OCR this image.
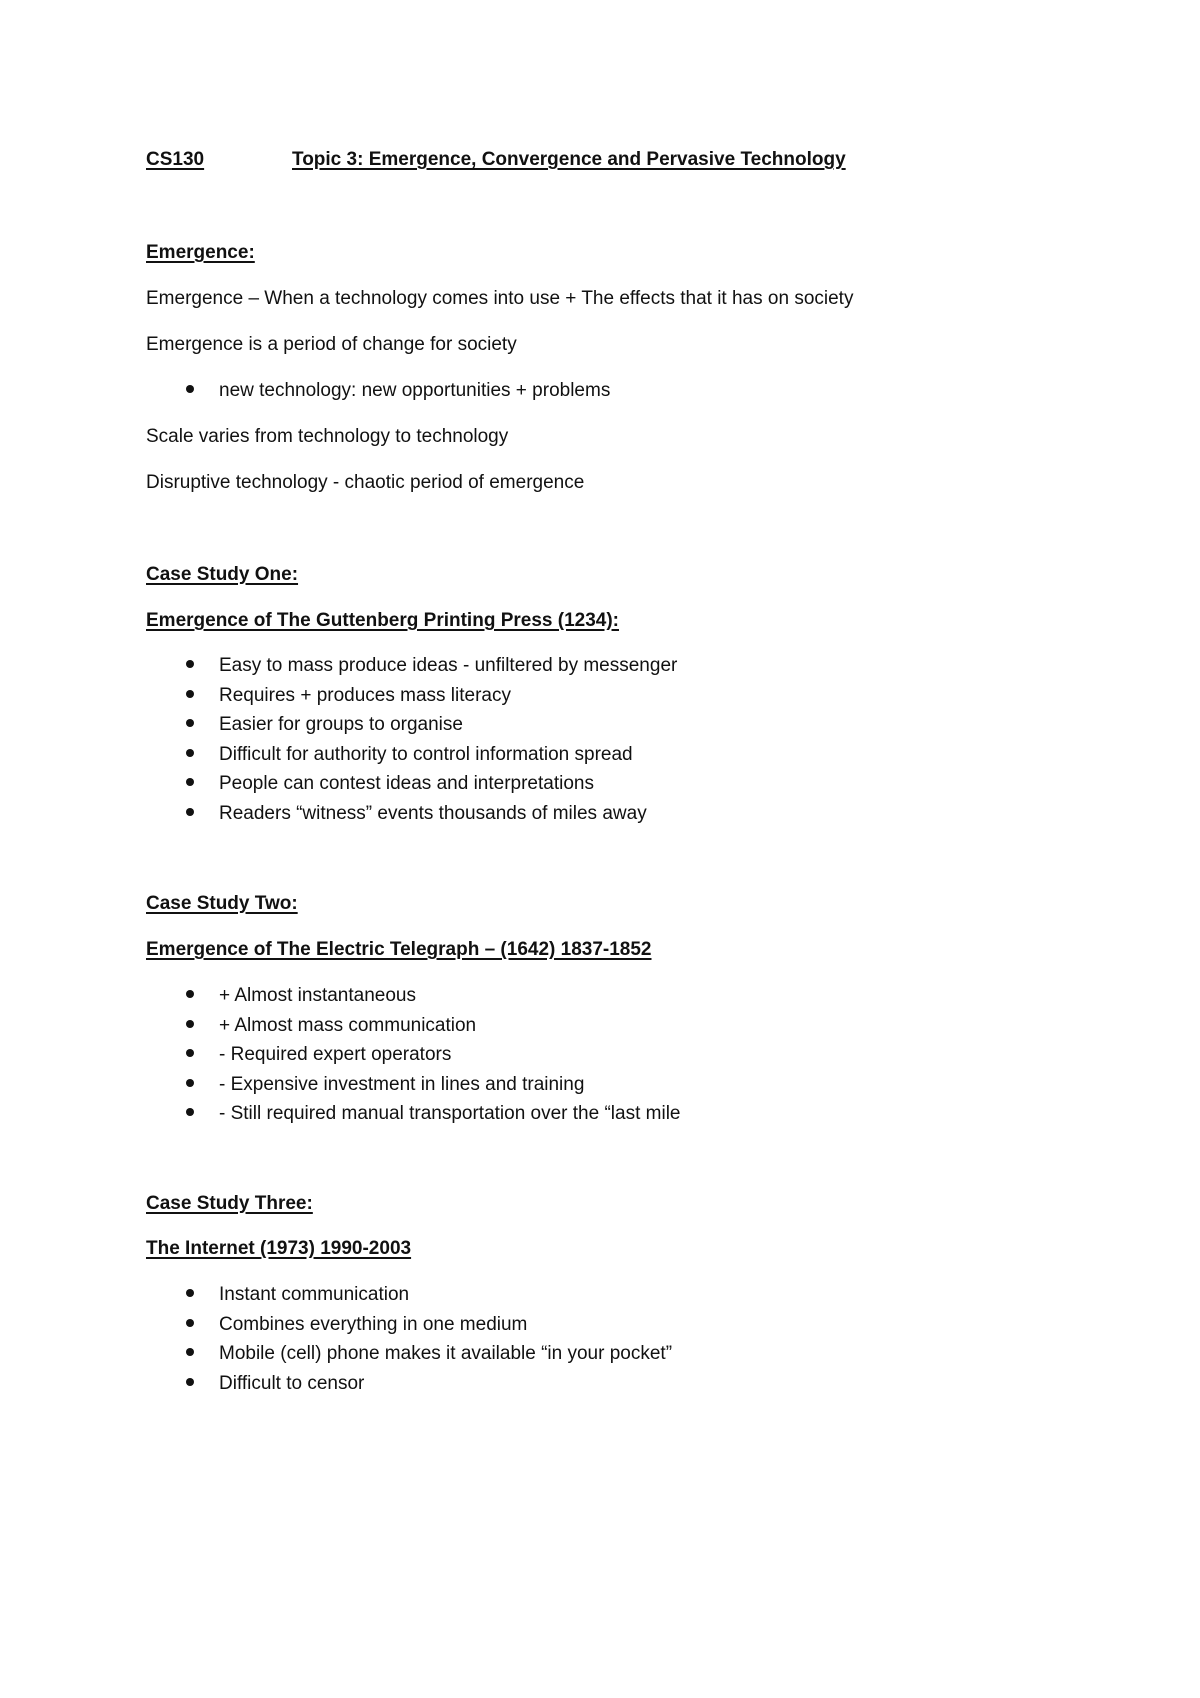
CS130	Topic 3: Emergence, Convergence and Pervasive Technology
Emergence:
Emergence – When a technology comes into use + The effects that it has on society
Emergence is a period of change for society
new technology: new opportunities + problems
Scale varies from technology to technology
Disruptive technology - chaotic period of emergence
Case Study One:
Emergence of The Guttenberg Printing Press (1234):
Easy to mass produce ideas - unfiltered by messenger
Requires + produces mass literacy
Easier for groups to organise
Difficult for authority to control information spread
People can contest ideas and interpretations
Readers “witness” events thousands of miles away
Case Study Two:
Emergence of The Electric Telegraph – (1642) 1837-1852
+ Almost instantaneous
+ Almost mass communication
- Required expert operators
- Expensive investment in lines and training
- Still required manual transportation over the “last mile
Case Study Three:
The Internet (1973) 1990-2003
Instant communication
Combines everything in one medium
Mobile (cell) phone makes it available “in your pocket”
Difficult to censor
